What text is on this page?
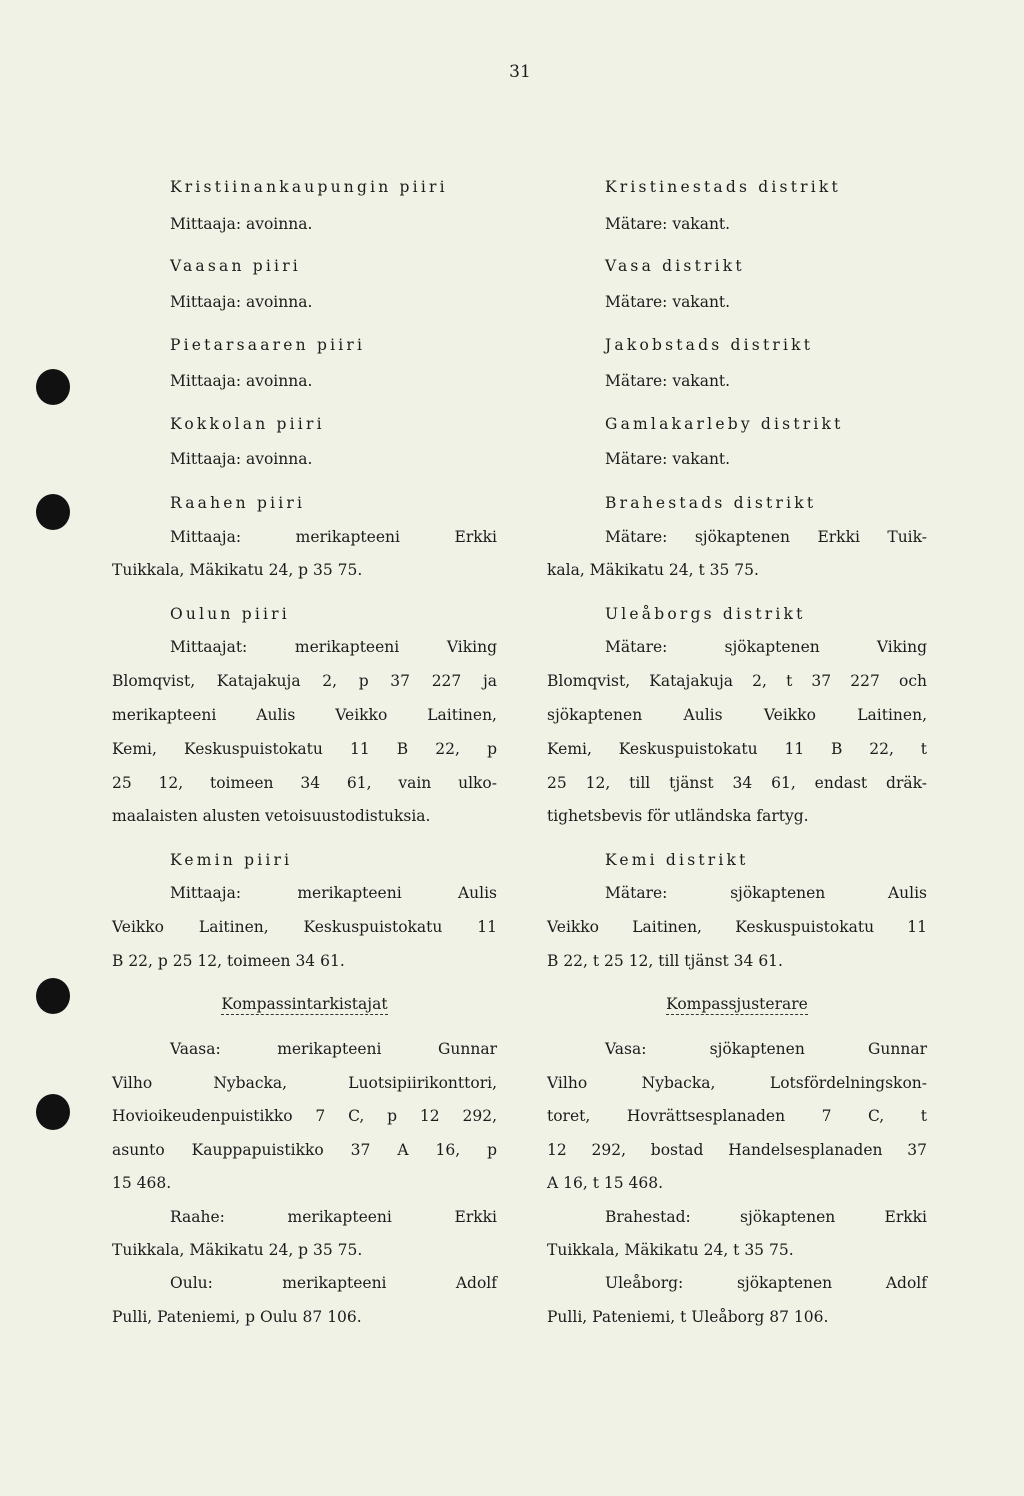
31
Kristiinankaupungin piiri
Mittaaja: avoinna.
Vaasan piiri
Mittaaja: avoinna.
Pietarsaaren piiri
Mittaaja: avoinna.
Kokkolan piiri
Mittaaja: avoinna.
Raahen piiri
Mittaaja: merikapteeni Erkki
Tuikkala, Mäkikatu 24, p 35 75.
Oulun piiri
Mittaajat: merikapteeni Viking
Blomqvist, Katajakuja 2, p 37 227 ja
merikapteeni Aulis Veikko Laitinen,
Kemi, Keskuspuistokatu 11 B 22, p
25 12, toimeen 34 61, vain ulko-
maalaisten alusten vetoisuustodistuksia.
Kemin piiri
Mittaaja: merikapteeni Aulis
Veikko Laitinen, Keskuspuistokatu 11
B 22, p 25 12, toimeen 34 61.
Kompassintarkistajat
Vaasa: merikapteeni Gunnar
Vilho Nybacka, Luotsipiirikonttori,
Hovioikeudenpuistikko 7 C, p 12 292,
asunto Kauppapuistikko 37 A 16, p
15 468.
Raahe: merikapteeni Erkki
Tuikkala, Mäkikatu 24, p 35 75.
Oulu: merikapteeni Adolf
Pulli, Pateniemi, p Oulu 87 106.
Kristinestads distrikt
Mätare: vakant.
Vasa distrikt
Mätare: vakant.
Jakobstads distrikt
Mätare: vakant.
Gamlakarleby distrikt
Mätare: vakant.
Brahestads distrikt
Mätare: sjökaptenen Erkki Tuik-
kala, Mäkikatu 24, t 35 75.
Uleåborgs distrikt
Mätare: sjökaptenen Viking
Blomqvist, Katajakuja 2, t 37 227 och
sjökaptenen Aulis Veikko Laitinen,
Kemi, Keskuspuistokatu 11 B 22, t
25 12, till tjänst 34 61, endast dräk-
tighetsbevis för utländska fartyg.
Kemi distrikt
Mätare: sjökaptenen Aulis
Veikko Laitinen, Keskuspuistokatu 11
B 22, t 25 12, till tjänst 34 61.
Kompassjusterare
Vasa: sjökaptenen Gunnar
Vilho Nybacka, Lotsfördelningskon-
toret, Hovrättsesplanaden 7 C, t
12 292, bostad Handelsesplanaden 37
A 16, t 15 468.
Brahestad: sjökaptenen Erkki
Tuikkala, Mäkikatu 24, t 35 75.
Uleåborg: sjökaptenen Adolf
Pulli, Pateniemi, t Uleåborg 87 106.
